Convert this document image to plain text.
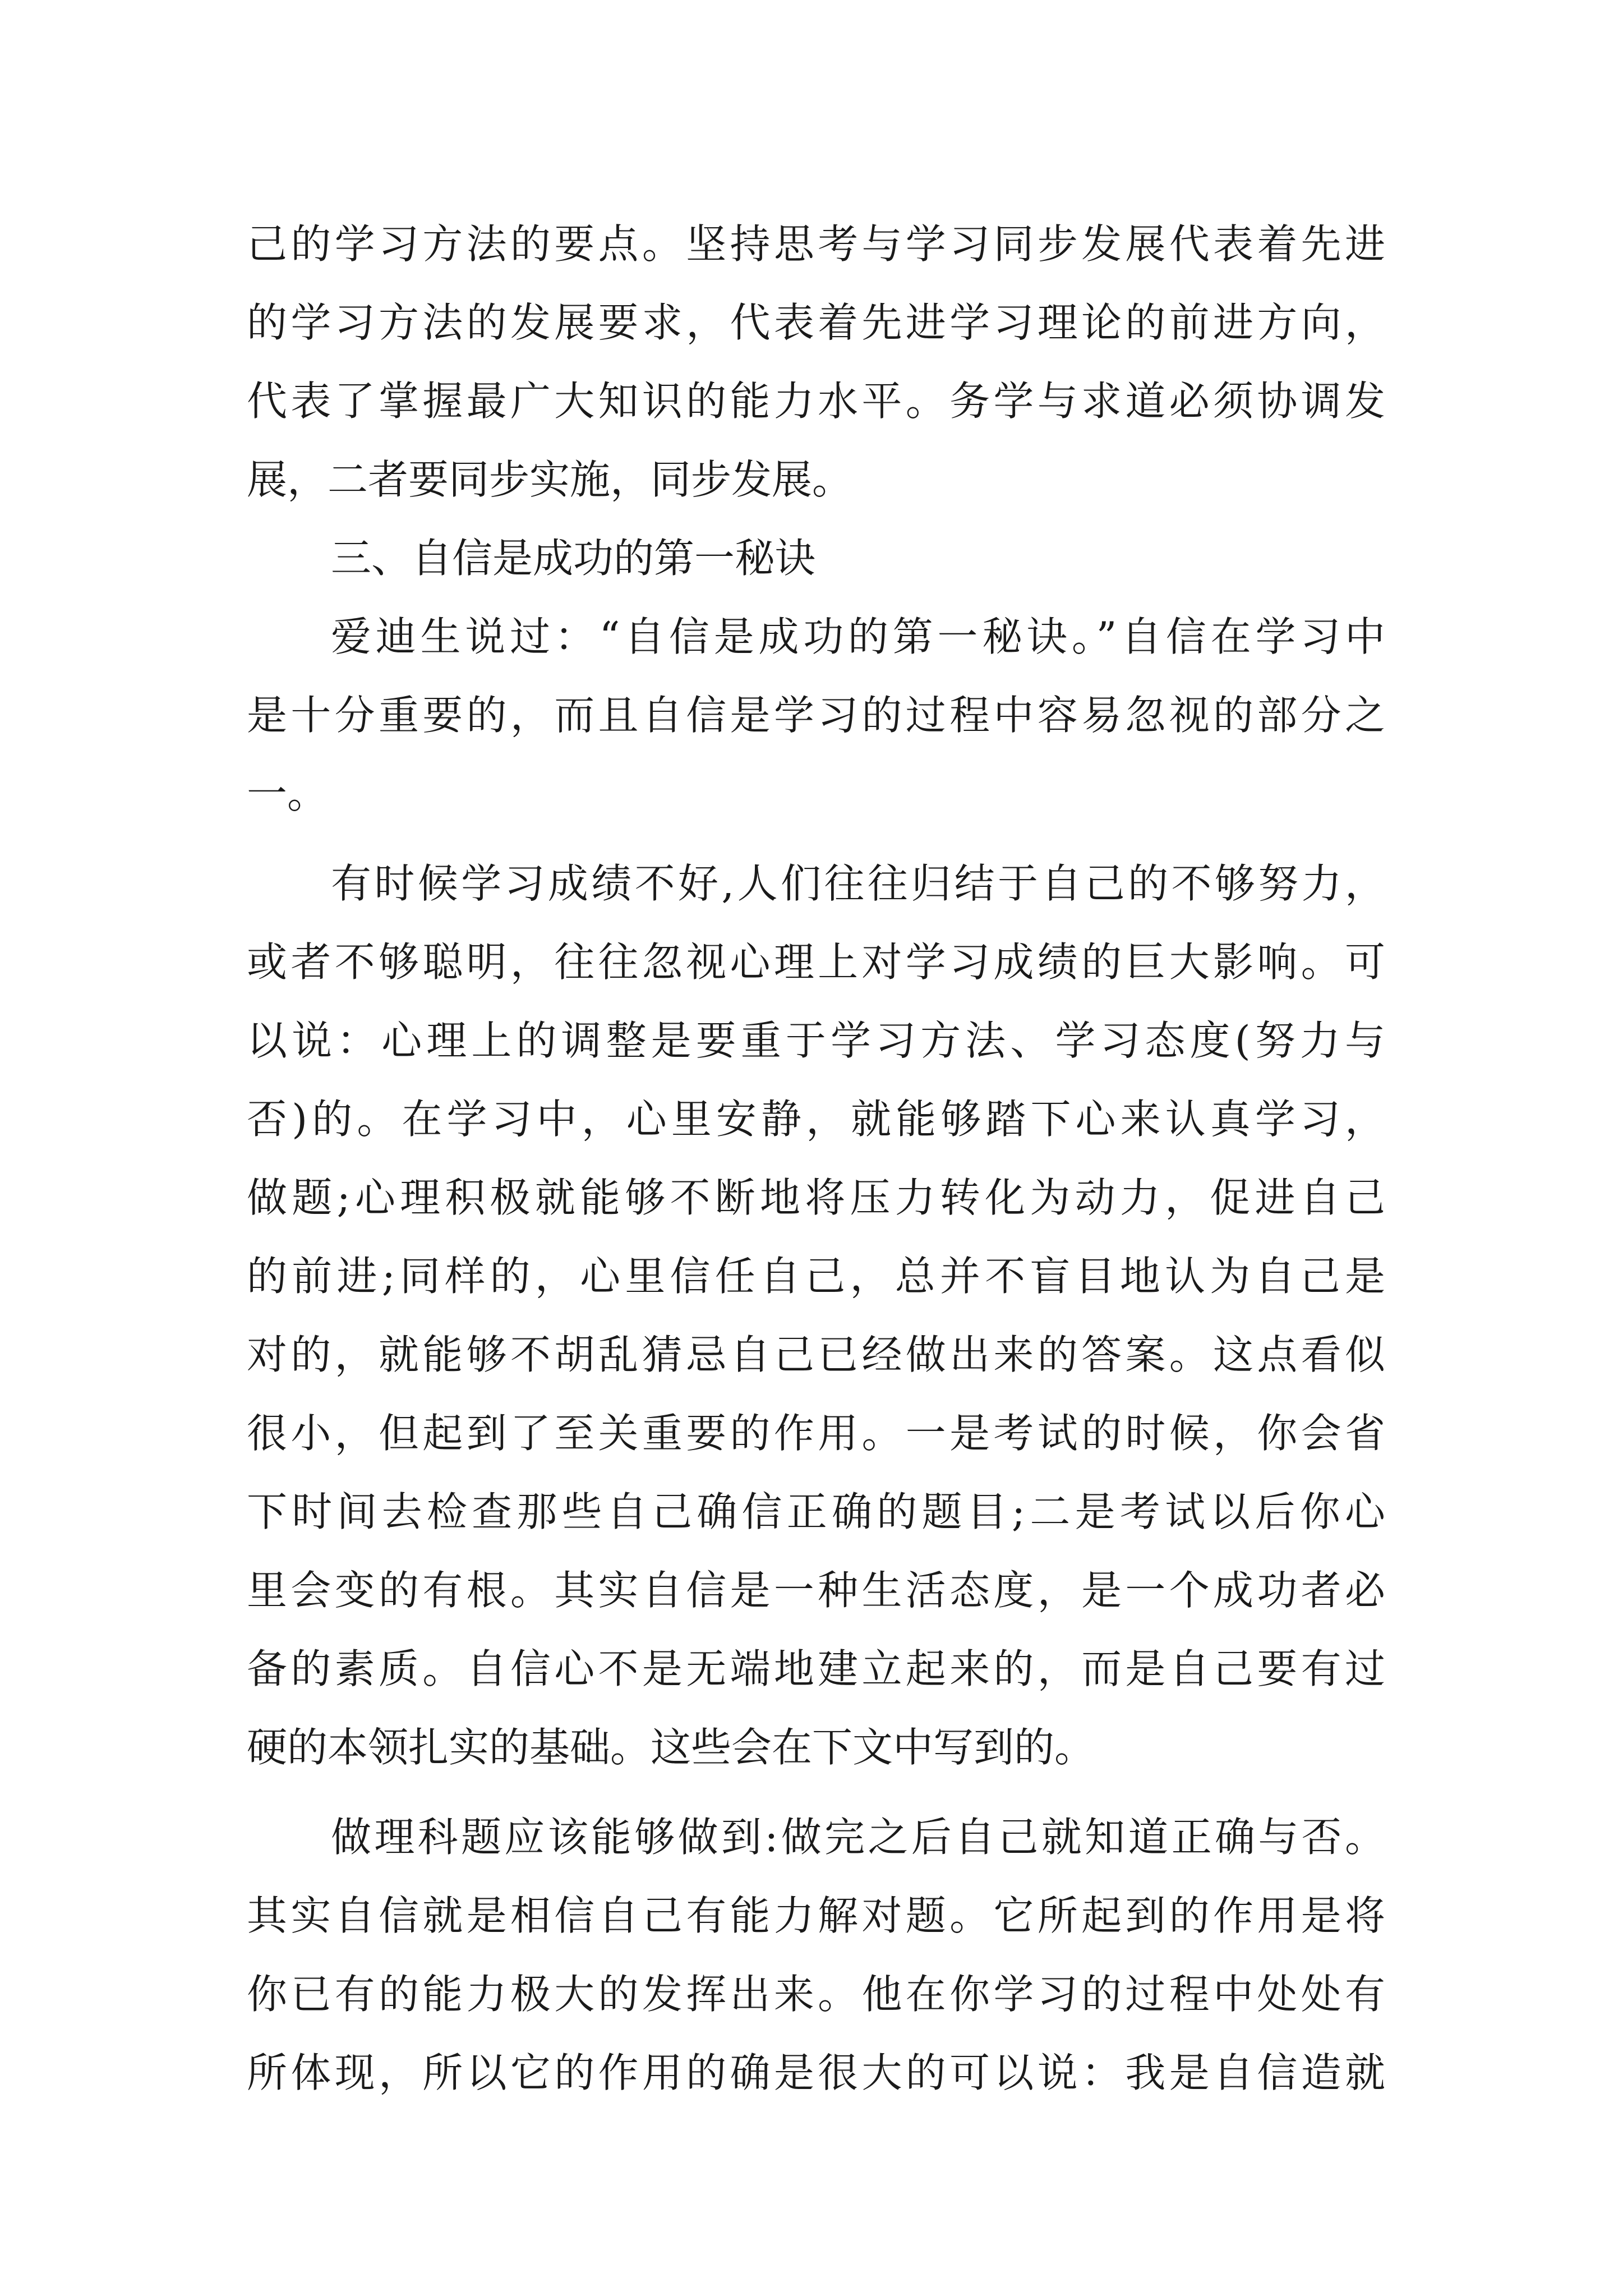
己的学习方法的要点。坚持思考与学习同步发展代表着先进
的学习方法的发展要求，代表着先进学习理论的前进方向，
代表了掌握最广大知识的能力水平。务学与求道必须协调发
展，二者要同步实施，同步发展。
三、自信是成功的第一秘诀
爱迪生说过：“自信是成功的第一秘诀。”自信在学习中
是十分重要的，而且自信是学习的过程中容易忽视的部分之
一。
有时候学习成绩不好,人们往往归结于自己的不够努力，
或者不够聪明，往往忽视心理上对学习成绩的巨大影响。可
以说：心理上的调整是要重于学习方法、学习态度(努力与
否)的。在学习中，心里安静，就能够踏下心来认真学习，
做题;心理积极就能够不断地将压力转化为动力，促进自己
的前进;同样的，心里信任自己，总并不盲目地认为自己是
对的，就能够不胡乱猜忌自己已经做出来的答案。这点看似
很小，但起到了至关重要的作用。一是考试的时候，你会省
下时间去检查那些自己确信正确的题目;二是考试以后你心
里会变的有根。其实自信是一种生活态度，是一个成功者必
备的素质。自信心不是无端地建立起来的，而是自己要有过
硬的本领扎实的基础。这些会在下文中写到的。
做理科题应该能够做到:做完之后自己就知道正确与否。
其实自信就是相信自己有能力解对题。它所起到的作用是将
你已有的能力极大的发挥出来。他在你学习的过程中处处有
所体现，所以它的作用的确是很大的可以说：我是自信造就
